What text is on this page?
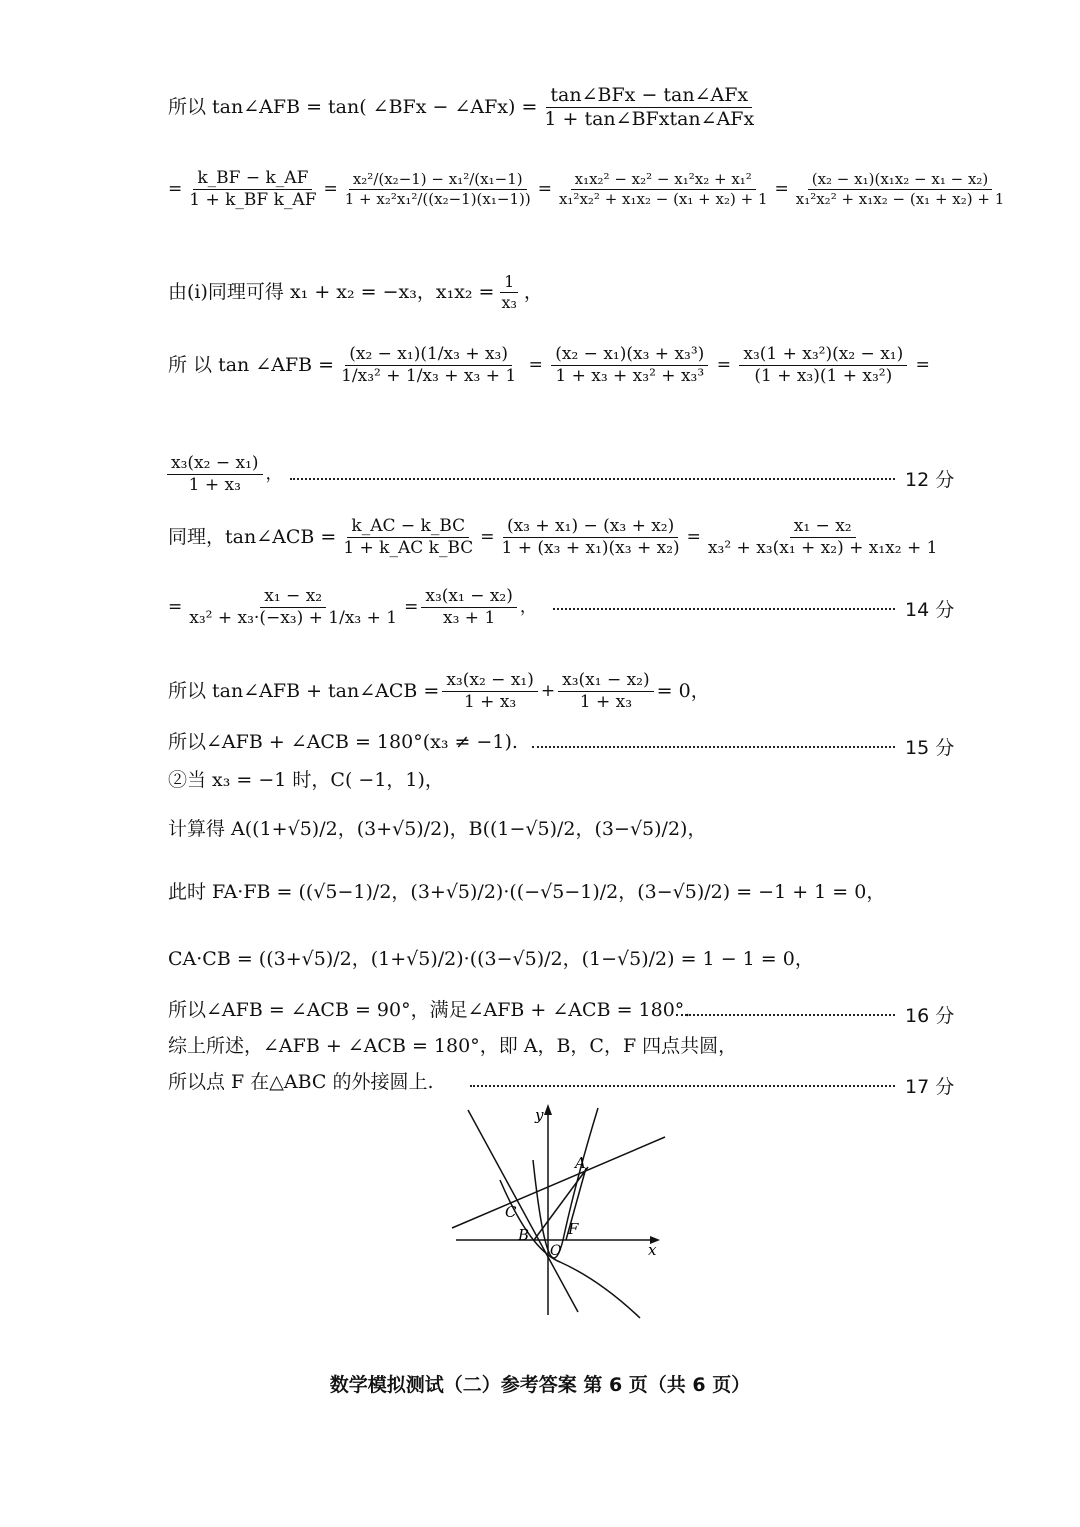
所以 tan∠AFB = tan( ∠BFx − ∠AFx) = $\frac{\text{tan∠BFx − tan∠AFx}}{\text{1 + tan∠BFxtan∠AFx}}$
= $\frac{k\_BF - k\_AF}{\text{1 + k\_BF k\_AF}} = \frac{\text{x₂²/(x₂−1) − x₁²/(x₁−1)}}{\text{1 + x₂²x₁²/((x₂−1)(x₁−1))}} = \frac{\text{x₁x₂² − x₂² − x₁²x₂ + x₁²}}{\text{x₁²x₂² + x₁x₂ − (x₁ + x₂) + 1}} = \frac{\text{(x₂ − x₁)(x₁x₂ − x₁ − x₂)}}{\text{x₁²x₂² + x₁x₂ − (x₁ + x₂) + 1}}$
由(i)同理可得 x₁ + x₂ = −x₃，$x_1x_2 = \frac{1}{\text{x₃}}$ ，
所 以 tan ∠AFB = $\frac{\text{(x₂ − x₁)(1/x₃ + x₃)}}{\text{1/x₃² + 1/x₃ + x₃ + 1}} = \frac{\text{(x₂ − x₁)(x₃ + x₃³)}}{\text{1 + x₃ + x₃² + x₃³}} = \frac{\text{x₃(1 + x₃²)(x₂ − x₁)}}{\text{(1 + x₃)(1 + x₃²)}}$ =
$\frac{\text{x₃(x₂ − x₁)}}{\text{1 + x₃}}$ ，	12 分
同理，tan∠ACB = $\frac{k\_AC - k\_BC}{\text{1 + k\_AC k\_BC}} = \frac{\text{(x₃ + x₁) − (x₃ + x₂)}}{\text{1 + (x₃ + x₁)(x₃ + x₂)}} = \frac{\text{x₁ − x₂}}{\text{x₃² + x₃(x₁ + x₂) + x₁x₂ + 1}}$
= $\frac{\text{x₁ − x₂}}{\text{x₃² + x₃·(−x₃) + 1/x₃ + 1}} = \frac{\text{x₃(x₁ − x₂)}}{\text{x₃ + 1}}$ ，	14 分
所以 tan∠AFB + tan∠ACB = $\frac{\text{x₃(x₂ − x₁)}}{\text{1 + x₃}} + \frac{\text{x₃(x₁ − x₂)}}{\text{1 + x₃}} = 0$，
所以∠AFB + ∠ACB = 180°(x₃ ≠ −1).	15 分
②当 x₃ = −1 时，C( −1，1)，
计算得 A((1+√5)/2，(3+√5)/2)，B((1−√5)/2，(3−√5)/2)，
此时 FA·FB = ((√5−1)/2，(3+√5)/2)·((−√5−1)/2，(3−√5)/2) = −1 + 1 = 0，
CA·CB = ((3+√5)/2，(1+√5)/2)·((3−√5)/2，(1−√5)/2) = 1 − 1 = 0，
所以∠AFB = ∠ACB = 90°，满足∠AFB + ∠ACB = 180°.	16 分
综上所述，∠AFB + ∠ACB = 180°，即 A，B，C，F 四点共圆，
所以点 F 在△ABC 的外接圆上.	17 分
y
x
O
A
B
C
F
数学模拟测试（二）参考答案 第 6 页（共 6 页）
